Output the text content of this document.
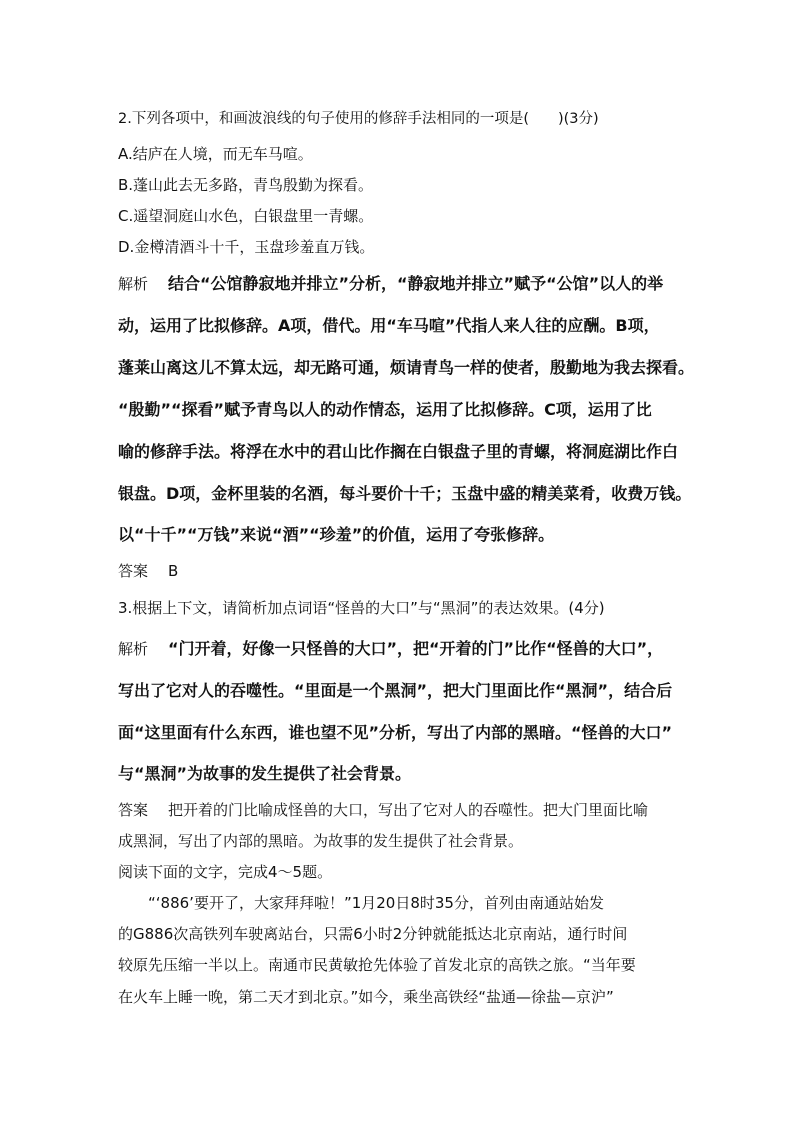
2.下列各项中，和画波浪线的句子使用的修辞手法相同的一项是(　　)(3分)
A.结庐在人境，而无车马喧。
B.蓬山此去无多路，青鸟殷勤为探看。
C.遥望洞庭山水色，白银盘里一青螺。
D.金樽清酒斗十千，玉盘珍羞直万钱。
解析 结合“公馆静寂地并排立”分析，“静寂地并排立”赋予“公馆”以人的举
动，运用了比拟修辞。A项，借代。用“车马喧”代指人来人往的应酬。B项，
蓬莱山离这儿不算太远，却无路可通，烦请青鸟一样的使者，殷勤地为我去探看。
“殷勤”“探看”赋予青鸟以人的动作情态，运用了比拟修辞。C项，运用了比
喻的修辞手法。将浮在水中的君山比作搁在白银盘子里的青螺，将洞庭湖比作白
银盘。D项，金杯里装的名酒，每斗要价十千；玉盘中盛的精美菜肴，收费万钱。
以“十千”“万钱”来说“酒”“珍羞”的价值，运用了夸张修辞。
答案 B
3.根据上下文，请简析加点词语“怪兽的大口”与“黑洞”的表达效果。(4分)
解析 “门开着，好像一只怪兽的大口”，把“开着的门”比作“怪兽的大口”，
写出了它对人的吞噬性。“里面是一个黑洞”，把大门里面比作“黑洞”，结合后
面“这里面有什么东西，谁也望不见”分析，写出了内部的黑暗。“怪兽的大口”
与“黑洞”为故事的发生提供了社会背景。
答案 把开着的门比喻成怪兽的大口，写出了它对人的吞噬性。把大门里面比喻
成黑洞，写出了内部的黑暗。为故事的发生提供了社会背景。
阅读下面的文字，完成4～5题。
　　“‘886’要开了，大家拜拜啦！”1月20日8时35分，首列由南通站始发
的G886次高铁列车驶离站台，只需6小时2分钟就能抵达北京南站，通行时间
较原先压缩一半以上。南通市民黄敏抢先体验了首发北京的高铁之旅。“当年要
在火车上睡一晚，第二天才到北京。”如今，乘坐高铁经“盐通—徐盐—京沪”
